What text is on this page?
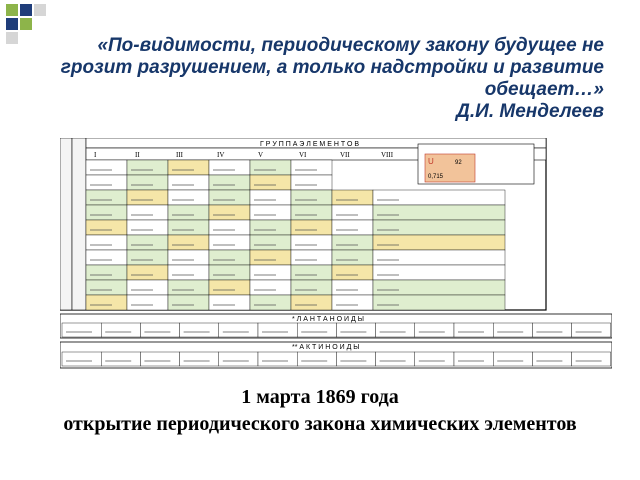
«По-видимости, периодическому закону будущее не грозит разрушением, а только надстройки и развитие обещает…»
Д.И. Менделеев
Г Р У П П А Э Л Е М Е Н Т О В
I	II	III	IV	V	VI	VII	VIII
U	92
0,715
* Л А Н Т А Н О И Д Ы
** А К Т И Н О И Д Ы
1 марта 1869 года
открытие периодического закона химических элементов
